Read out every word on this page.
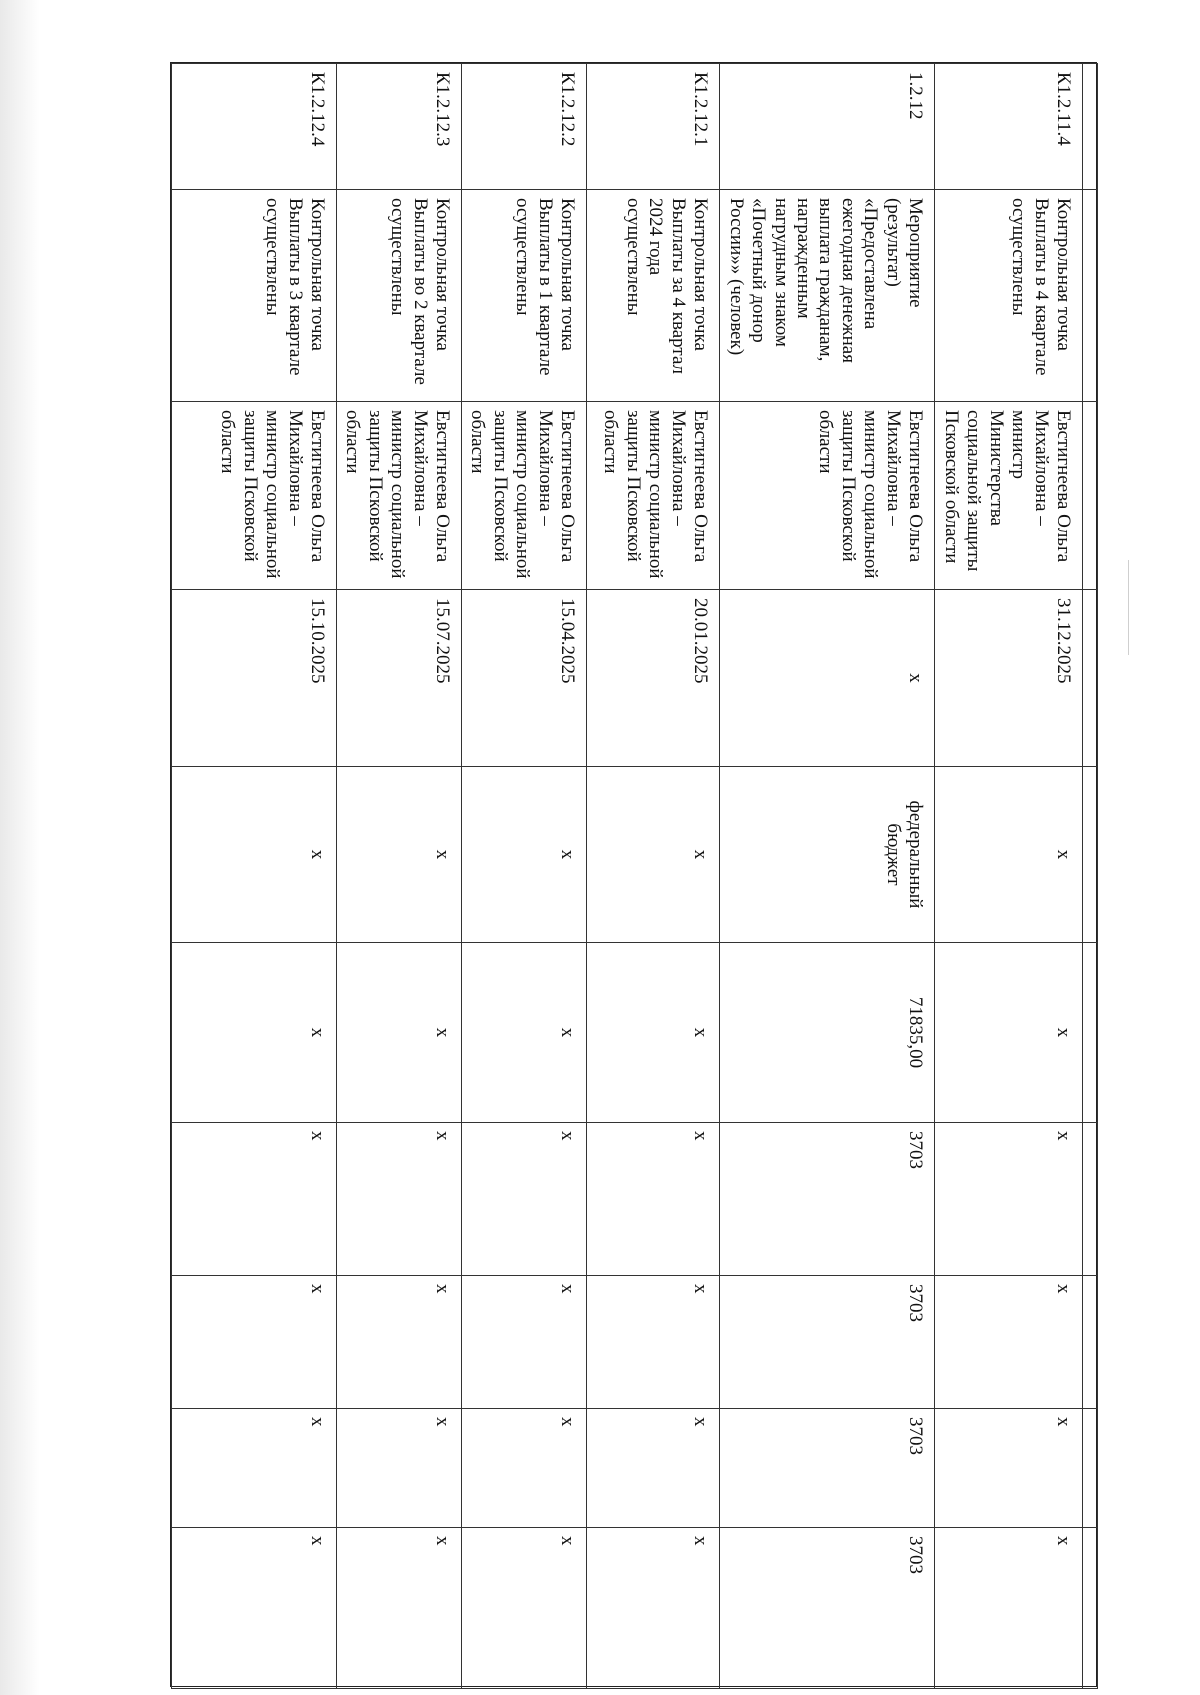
К1.2.11.4	Контрольная точка Выплаты в 4 квартале осуществлены	Евстигнеева Ольга Михайловна – министр Министерства социальной защиты Псковской области	31.12.2025	х	х	х	х	х	х
1.2.12	Мероприятие (результат) «Предоставлена ежегодная денежная выплата гражданам, награжденным нагрудным знаком «Почетный донор России»» (человек)	Евстигнеева Ольга Михайловна – министр социальной защиты Псковской области	х	федеральный бюджет	71835,00	3703	3703	3703	3703
К1.2.12.1	Контрольная точка Выплаты за 4 квартал 2024 года осуществлены	Евстигнеева Ольга Михайловна – министр социальной защиты Псковской области	20.01.2025	х	х	х	х	х	х
К1.2.12.2	Контрольная точка Выплаты в 1 квартале осуществлены	Евстигнеева Ольга Михайловна – министр социальной защиты Псковской области	15.04.2025	х	х	х	х	х	х
К1.2.12.3	Контрольная точка Выплаты во 2 квартале осуществлены	Евстигнеева Ольга Михайловна – министр социальной защиты Псковской области	15.07.2025	х	х	х	х	х	х
К1.2.12.4	Контрольная точка Выплаты в 3 квартале осуществлены	Евстигнеева Ольга Михайловна – министр социальной защиты Псковской области	15.10.2025	х	х	х	х	х	х
